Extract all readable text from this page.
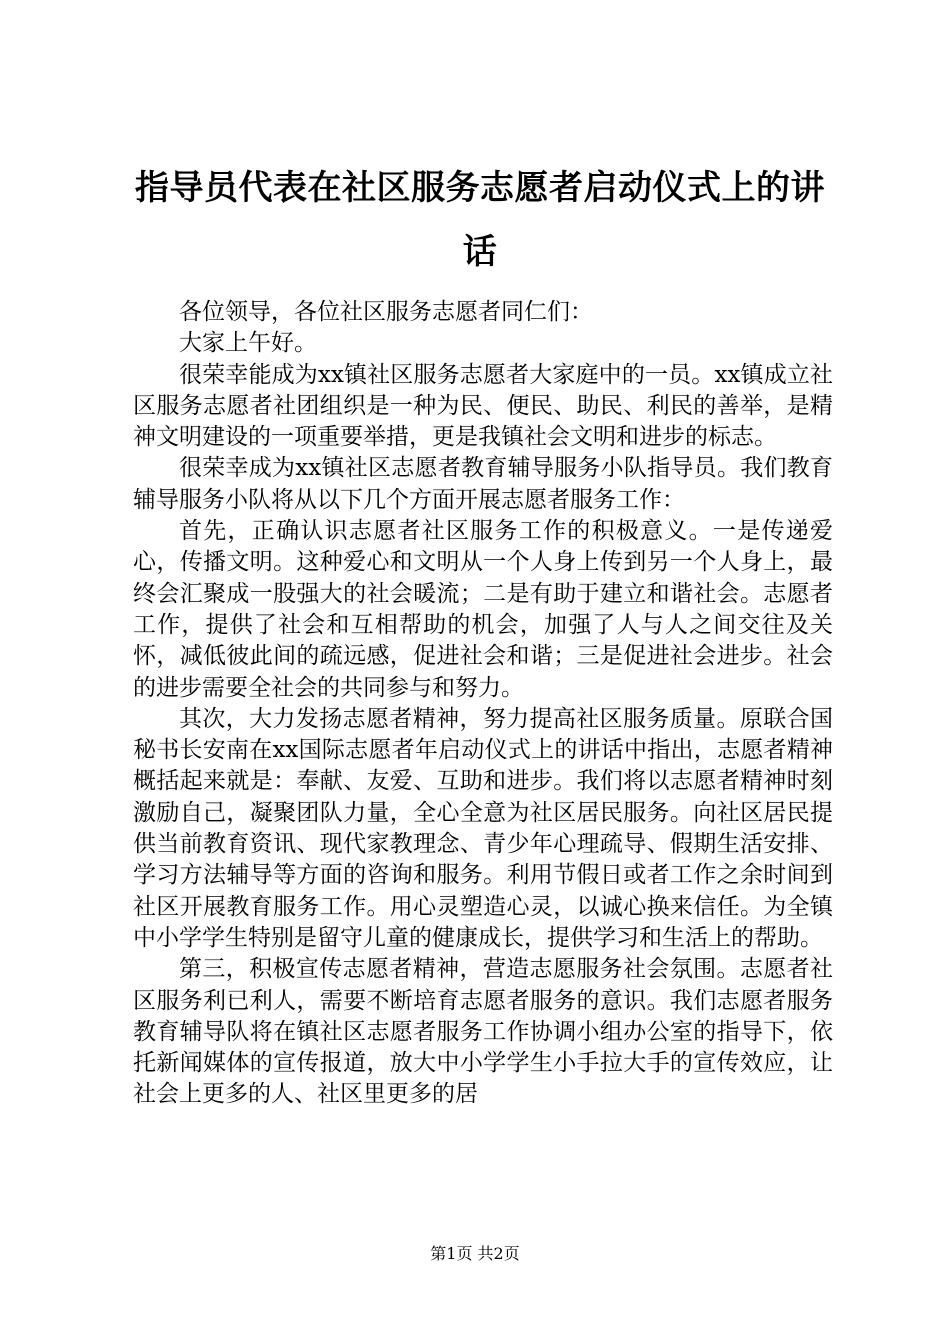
指导员代表在社区服务志愿者启动仪式上的讲话

各位领导，各位社区服务志愿者同仁们：

大家上午好。

很荣幸能成为xx镇社区服务志愿者大家庭中的一员。xx镇成立社区服务志愿者社团组织是一种为民、便民、助民、利民的善举，是精神文明建设的一项重要举措，更是我镇社会文明和进步的标志。

很荣幸成为xx镇社区志愿者教育辅导服务小队指导员。我们教育辅导服务小队将从以下几个方面开展志愿者服务工作：

首先，正确认识志愿者社区服务工作的积极意义。一是传递爱心，传播文明。这种爱心和文明从一个人身上传到另一个人身上，最终会汇聚成一股强大的社会暖流；二是有助于建立和谐社会。志愿者工作，提供了社会和互相帮助的机会，加强了人与人之间交往及关怀，减低彼此间的疏远感，促进社会和谐；三是促进社会进步。社会的进步需要全社会的共同参与和努力。

其次，大力发扬志愿者精神，努力提高社区服务质量。原联合国秘书长安南在xx国际志愿者年启动仪式上的讲话中指出，志愿者精神概括起来就是：奉献、友爱、互助和进步。我们将以志愿者精神时刻激励自己，凝聚团队力量，全心全意为社区居民服务。向社区居民提供当前教育资讯、现代家教理念、青少年心理疏导、假期生活安排、学习方法辅导等方面的咨询和服务。利用节假日或者工作之余时间到社区开展教育服务工作。用心灵塑造心灵，以诚心换来信任。为全镇中小学学生特别是留守儿童的健康成长，提供学习和生活上的帮助。

第三，积极宣传志愿者精神，营造志愿服务社会氛围。志愿者社区服务利已利人，需要不断培育志愿者服务的意识。我们志愿者服务教育辅导队将在镇社区志愿者服务工作协调小组办公室的指导下，依托新闻媒体的宣传报道，放大中小学学生小手拉大手的宣传效应，让社会上更多的人、社区里更多的居

第1页 共2页
